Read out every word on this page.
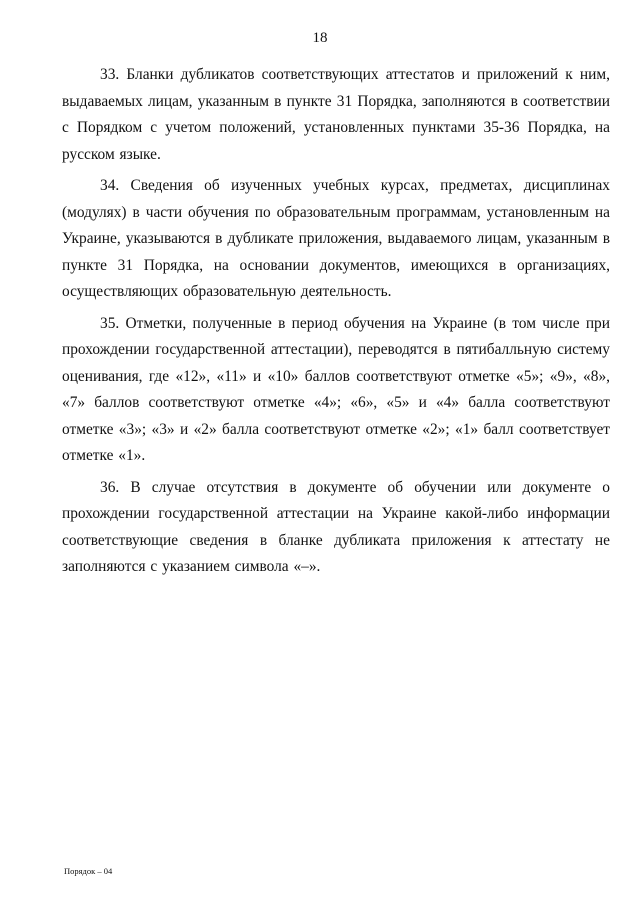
18

33. Бланки дубликатов соответствующих аттестатов и приложений к ним, выдаваемых лицам, указанным в пункте 31 Порядка, заполняются в соответствии с Порядком с учетом положений, установленных пунктами 35-36 Порядка, на русском языке.

34. Сведения об изученных учебных курсах, предметах, дисциплинах (модулях) в части обучения по образовательным программам, установленным на Украине, указываются в дубликате приложения, выдаваемого лицам, указанным в пункте 31 Порядка, на основании документов, имеющихся в организациях, осуществляющих образовательную деятельность.

35. Отметки, полученные в период обучения на Украине (в том числе при прохождении государственной аттестации), переводятся в пятибалльную систему оценивания, где «12», «11» и «10» баллов соответствуют отметке «5»; «9», «8», «7» баллов соответствуют отметке «4»; «6», «5» и «4» балла соответствуют отметке «3»; «3» и «2» балла соответствуют отметке «2»; «1» балл соответствует отметке «1».

36. В случае отсутствия в документе об обучении или документе о прохождении государственной аттестации на Украине какой-либо информации соответствующие сведения в бланке дубликата приложения к аттестату не заполняются с указанием символа «–».

Порядок – 04
